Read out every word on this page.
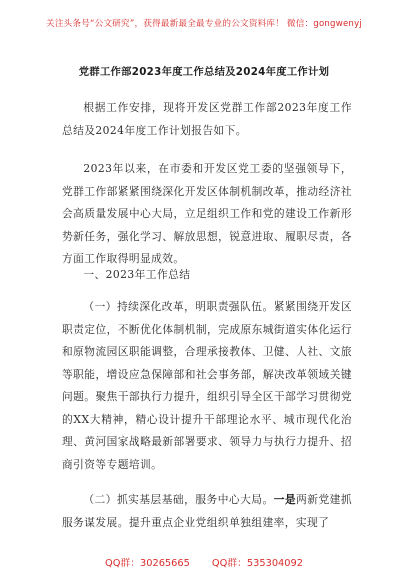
关注头条号“公文研究”，获得最新最全最专业的公文资料库！ 微信：gongwenyj
党群工作部2023年度工作总结及2024年度工作计划
根据工作安排，现将开发区党群工作部2023年度工作总结及2024年度工作计划报告如下。
2023年以来，在市委和开发区党工委的坚强领导下，党群工作部紧紧围绕深化开发区体制机制改革，推动经济社会高质量发展中心大局，立足组织工作和党的建设工作新形势新任务，强化学习、解放思想，锐意进取、履职尽责，各方面工作取得明显成效。
一、2023年工作总结
（一）持续深化改革，明职责强队伍。紧紧围绕开发区职责定位，不断优化体制机制，完成原东城街道实体化运行和原物流园区职能调整，合理承接教体、卫健、人社、文旅等职能，增设应急保障部和社会事务部，解决改革领域关键问题。聚焦干部执行力提升，组织引导全区干部学习贯彻党的XX大精神，精心设计提升干部理论水平、城市现代化治理、黄河国家战略最新部署要求、领导力与执行力提升、招商引资等专题培训。
（二）抓实基层基础，服务中心大局。一是两新党建抓服务谋发展。提升重点企业党组织单独组建率，实现了
QQ群：30265665 QQ群：535304092
